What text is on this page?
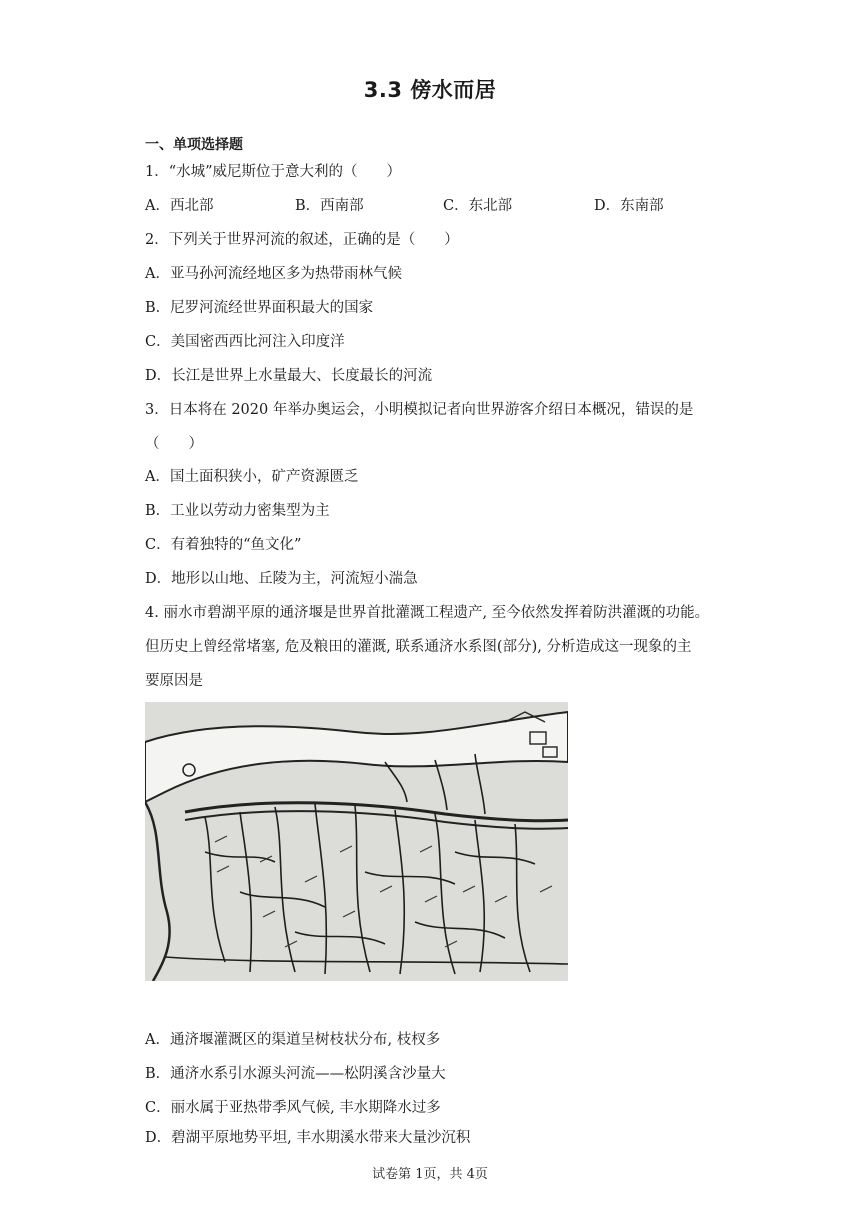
3.3 傍水而居
一、单项选择题
1．“水城”威尼斯位于意大利的（　　）
A．西北部	B．西南部	C．东北部	D．东南部
2．下列关于世界河流的叙述，正确的是（　　）
A．亚马孙河流经地区多为热带雨林气候
B．尼罗河流经世界面积最大的国家
C．美国密西西比河注入印度洋
D．长江是世界上水量最大、长度最长的河流
3．日本将在 2020 年举办奥运会，小明模拟记者向世界游客介绍日本概况，错误的是
（　　）
A．国土面积狭小，矿产资源匮乏
B．工业以劳动力密集型为主
C．有着独特的“鱼文化”
D．地形以山地、丘陵为主，河流短小湍急
4. 丽水市碧湖平原的通济堰是世界首批灌溉工程遗产, 至今依然发挥着防洪灌溉的功能。
但历史上曾经常堵塞, 危及粮田的灌溉, 联系通济水系图(部分), 分析造成这一现象的主
要原因是
A．通济堰灌溉区的渠道呈树枝状分布, 枝杈多
B．通济水系引水源头河流——松阴溪含沙量大
C．丽水属于亚热带季风气候, 丰水期降水过多
D．碧湖平原地势平坦, 丰水期溪水带来大量沙沉积
试卷第 1页，共 4页
